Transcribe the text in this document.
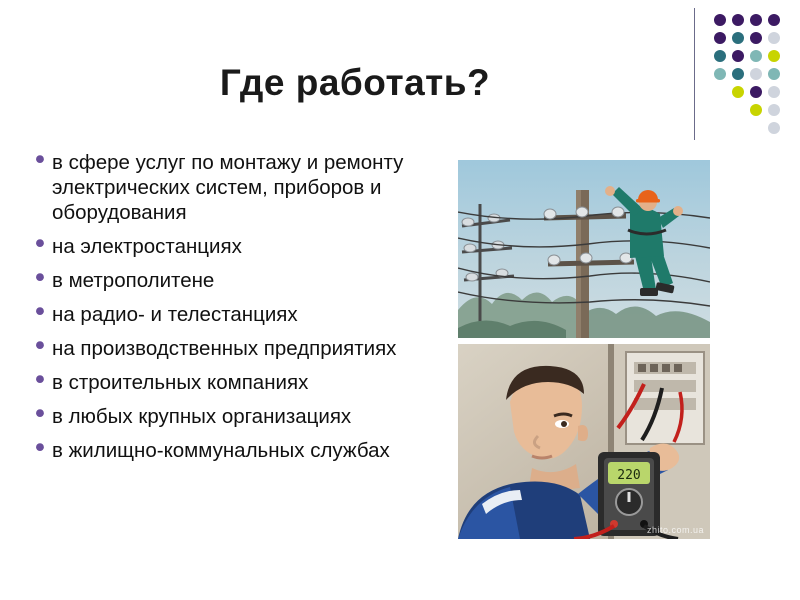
Где работать?
• в сфере услуг по монтажу и ремонту электрических систем, приборов и оборудования
• на электростанциях
• в метрополитене
• на радио- и телестанциях
• на производственных предприятиях
• в строительных компаниях
• в любых крупных организациях
• в жилищно-коммунальных службах
220
zhito.com.ua
